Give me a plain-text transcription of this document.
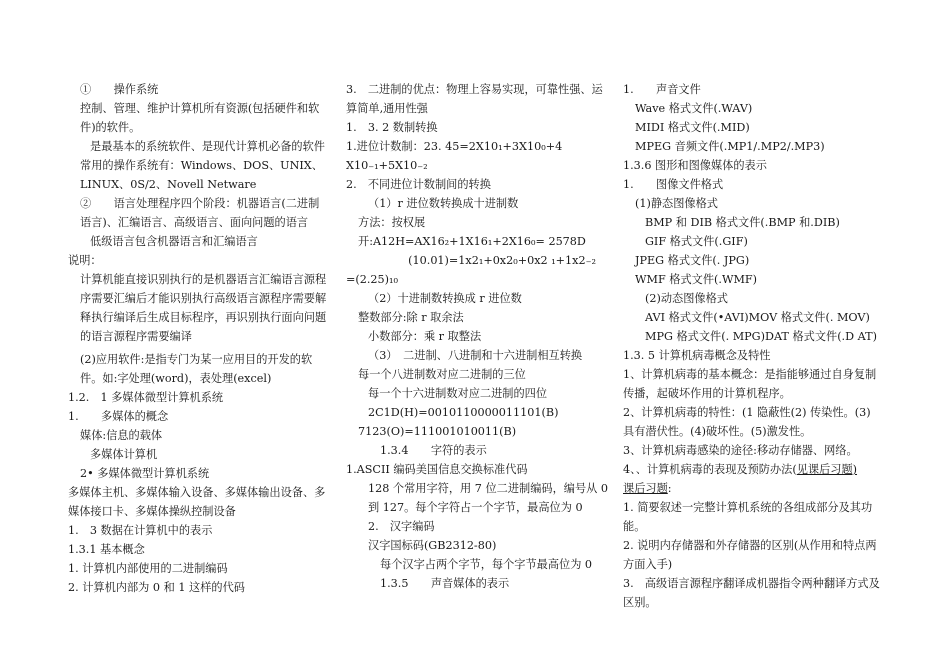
①　　操作系统
控制、管理、维护计算机所有资源(包括硬件和软件)的软件。
是最基本的系统软件、是现代计算机必备的软件
常用的操作系统有：Windows、DOS、UNIX、LINUX、0S/2、Novell Netware
②　　语言处理程序四个阶段：机器语言(二进制语言)、汇编语言、高级语言、面向问题的语言
低级语言包含机器语言和汇编语言
说明：
计算机能直接识别执行的是机器语言汇编语言源程序需要汇编后才能识别执行高级语言源程序需要解释执行编译后生成目标程序，再识别执行面向问题的语言源程序需要编译
(2)应用软件:是指专门为某一应用目的开发的软件。如:字处理(word)，表处理(excel)
1.2.　1 多媒体微型计算机系统
1.　　多媒体的概念
媒体:信息的载体
多媒体计算机
2• 多媒体微型计算机系统
多媒体主机、多媒体输入设备、多媒体输出设备、多媒体接口卡、多媒体操纵控制设备
1.　3 数据在计算机中的表示
1.3.1 基本概念
1. 计算机内部使用的二进制编码
2. 计算机内部为 0 和 1 这样的代码
3.　二进制的优点：物理上容易实现，可靠性强、运算简单,通用性强
1.　3. 2 数制转换
1.进位计数制：23. 45=2X10₁+3X10₀+4 X10₋₁+5X10₋₂
2.　不同进位计数制间的转换
（1）r 进位数转换成十进制数
方法：按权展开:A12H=AX16₂+1X16₁+2X16₀= 2578D
(10.01)=1x2₁+0x2₀+0x2 ₁+1x2₋₂
=(2.25)₁₀
（2）十进制数转换成 r 进位数
整数部分:除 r 取余法
小数部分：乘 r 取整法
（3）　二进制、八进制和十六进制相互转换
每一个八进制数对应二进制的三位
每一个十六进制数对应二进制的四位
2C1D(H)=0010110000011101(B)
7123(O)=111001010011(B)
1.3.4　　字符的表示
1.ASCII 编码美国信息交换标准代码
128 个常用字符，用 7 位二进制编码，编号从 0 到 127。每个字符占一个字节，最高位为 0
2.　汉字编码
汉字国标码(GB2312-80)
每个汉字占两个字节，每个字节最高位为 0
1.3.5　　声音媒体的表示
1.　　声音文件
Wave 格式文件(.WAV)
MIDI 格式文件(.MID)
MPEG 音频文件(.MP1/.MP2/.MP3)
1.3.6 图形和图像媒体的表示
1.　　图像文件格式
(1)静态图像格式
BMP 和 DIB 格式文件(.BMP 和.DIB)
GIF 格式文件(.GIF)
JPEG 格式文件(. JPG)
WMF 格式文件(.WMF)
(2)动态图像格式
AVI 格式文件(•AVI)MOV 格式文件(. MOV)
MPG 格式文件(. MPG)DAT 格式文件(.D AT)
1.3. 5 计算机病毒概念及特性
1、计算机病毒的基本概念：是指能够通过自身复制传播，起破坏作用的计算机程序。
2、计算机病毒的特性：(1 隐蔽性(2) 传染性。(3) 具有潜伏性。(4)破坏性。(5)激发性。
3、计算机病毒感染的途径:移动存储器、网络。
4、、计算机病毒的表现及预防办法(见课后习题)
课后习题:
1. 简要叙述一完整计算机系统的各组成部分及其功能。
2. 说明内存储器和外存储器的区别(从作用和特点两方面入手)
3.　高级语言源程序翻译成机器指令两种翻译方式及区别。
